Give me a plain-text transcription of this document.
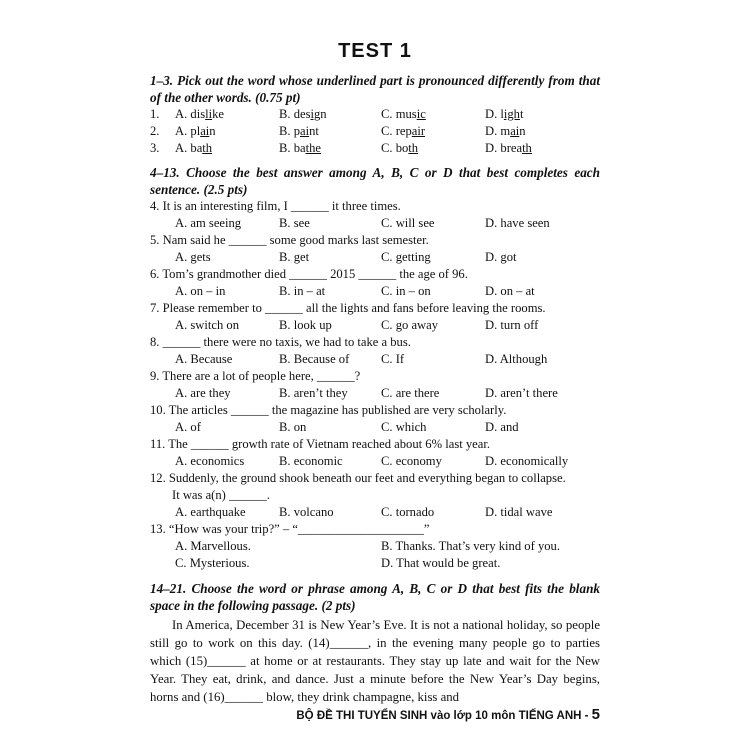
TEST 1
1–3. Pick out the word whose underlined part is pronounced differently from that of the other words. (0.75 pt)
1. A. dislike	B. design	C. music	D. light
2. A. plain	B. paint	C. repair	D. main
3. A. bath	B. bathe	C. both	D. breath
4–13. Choose the best answer among A, B, C or D that best completes each sentence. (2.5 pts)
4. It is an interesting film, I ______ it three times.
A. am seeing	B. see	C. will see	D. have seen
5. Nam said he ______ some good marks last semester.
A. gets	B. get	C. getting	D. got
6. Tom’s grandmother died ______ 2015 ______ the age of 96.
A. on – in	B. in – at	C. in – on	D. on – at
7. Please remember to ______ all the lights and fans before leaving the rooms.
A. switch on	B. look up	C. go away	D. turn off
8. ______ there were no taxis, we had to take a bus.
A. Because	B. Because of	C. If	D. Although
9. There are a lot of people here, ______?
A. are they	B. aren’t they	C. are there	D. aren’t there
10. The articles ______ the magazine has published are very scholarly.
A. of	B. on	C. which	D. and
11. The ______ growth rate of Vietnam reached about 6% last year.
A. economics	B. economic	C. economy	D. economically
12. Suddenly, the ground shook beneath our feet and everything began to collapse.
It was a(n) ______.
A. earthquake	B. volcano	C. tornado	D. tidal wave
13. “How was your trip?” – “____________________”
A. Marvellous.	B. Thanks. That’s very kind of you.
C. Mysterious.	D. That would be great.
14–21. Choose the word or phrase among A, B, C or D that best fits the blank space in the following passage. (2 pts)
In America, December 31 is New Year’s Eve. It is not a national holiday, so people still go to work on this day. (14)______, in the evening many people go to parties which (15)______ at home or at restaurants. They stay up late and wait for the New Year. They eat, drink, and dance. Just a minute before the New Year’s Day begins, horns and (16)______ blow, they drink champagne, kiss and
BỘ ĐỀ THI TUYỂN SINH vào lớp 10 môn TIẾNG ANH - 5
